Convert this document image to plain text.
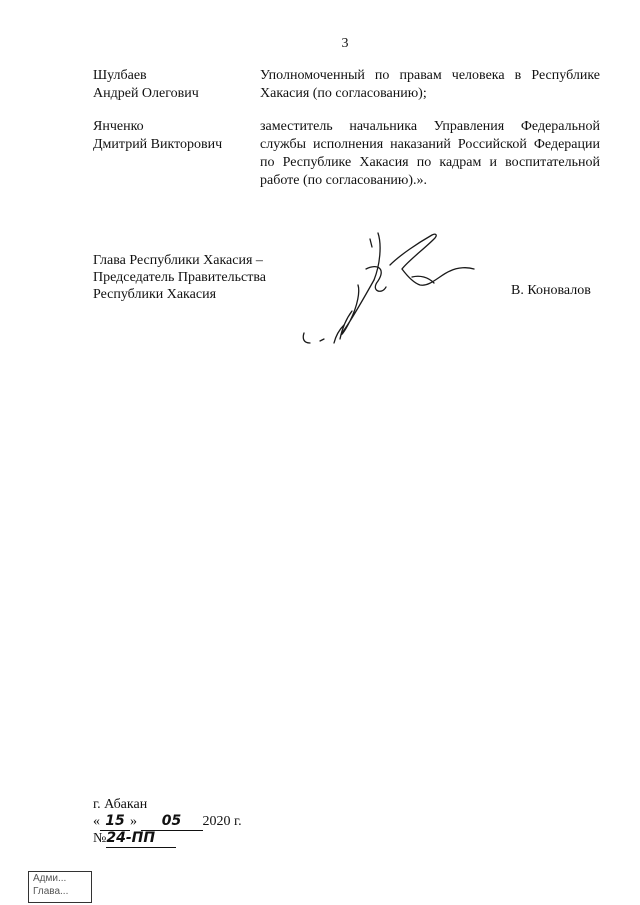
3
Шулбаев
Андрей Олегович
Уполномоченный по правам человека в Республике
Хакасия (по согласованию);
Янченко
Дмитрий Викторович
заместитель начальника Управления Федеральной
службы исполнения наказаний Российской Федерации
по Республике Хакасия по кадрам и воспитательной
работе (по согласованию).».
Глава Республики Хакасия –
Председатель Правительства
Республики Хакасия	В. Коновалов
г. Абакан
« 15 » 05 2020 г.
№24-ПП
Адми...
Глава...
